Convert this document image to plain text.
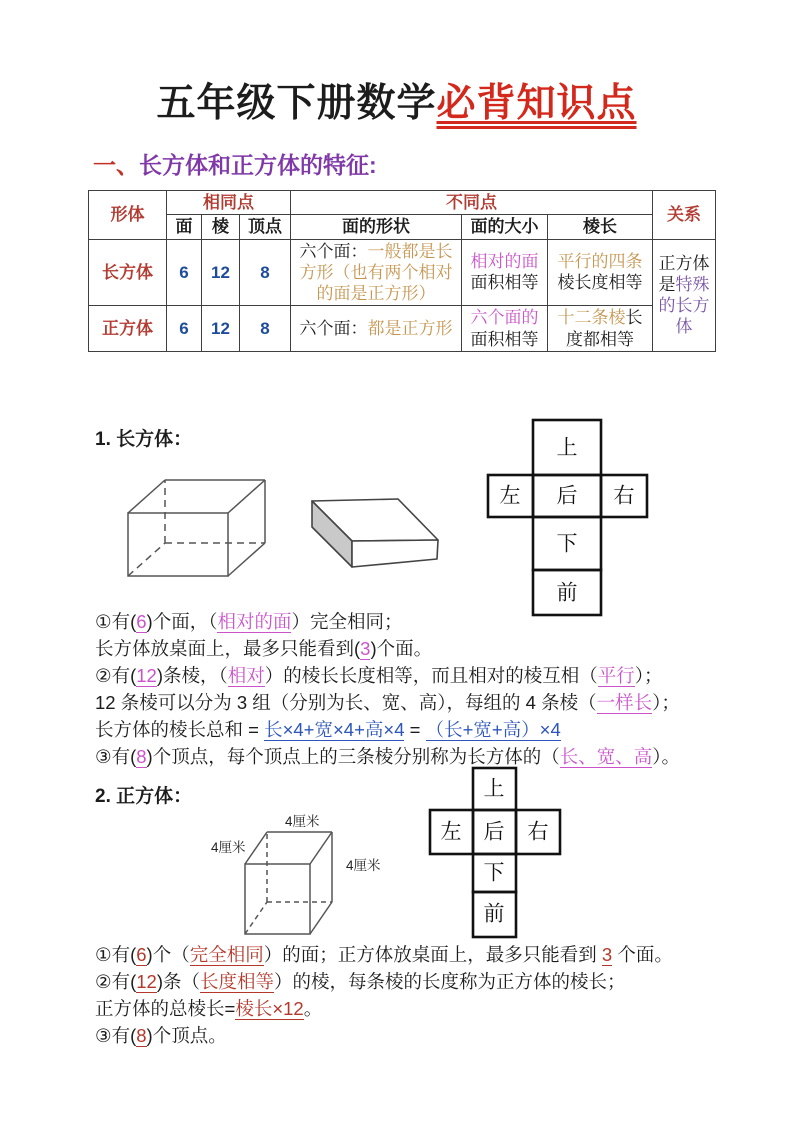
五年级下册数学必背知识点
一、长方体和正方体的特征:
形体	相同点			不同点			关系
	面	棱	顶点	面的形状	面的大小	棱长	
长方体	6	12	8	六个面：一般都是长方形（也有两个相对的面是正方形）	相对的面面积相等	平行的四条棱长度相等	正方体是特殊的长方体
正方体	6	12	8	六个面：都是正方形	六个面的面积相等	十二条棱长度都相等	
1. 长方体：	上
左 后 右
下
前

①有(6)个面，（相对的面）完全相同；

长方体放桌面上，最多只能看到(3)个面。

②有(12)条棱，（相对）的棱长长度相等，而且相对的棱互相（平行）；

12 条棱可以分为 3 组（分别为长、宽、高），每组的 4 条棱（一样长）；

长方体的棱长总和 = 长×4+宽×4+高×4 = （长+宽+高）×4

③有(8)个顶点，每个顶点上的三条棱分别称为长方体的（长、宽、高）。

2. 正方体：
4厘米
4厘米
4厘米
上
左 后 右
下
前

①有(6)个（完全相同）的面；正方体放桌面上，最多只能看到 3 个面。

②有(12)条（长度相等）的棱，每条棱的长度称为正方体的棱长；

正方体的总棱长=棱长×12。

③有(8)个顶点。
